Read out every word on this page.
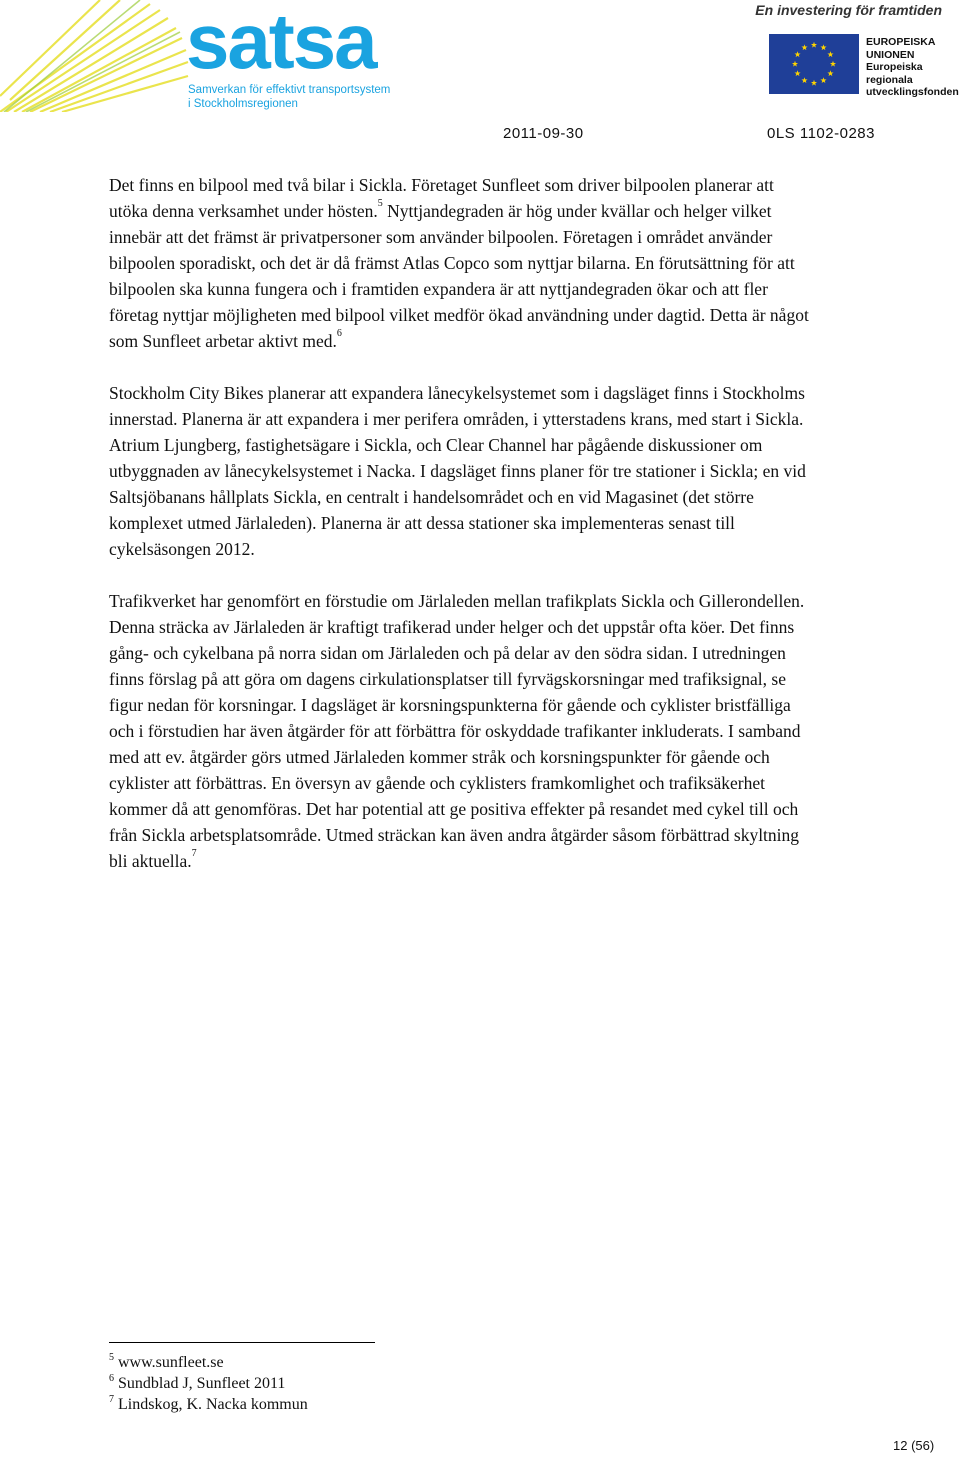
satsa
Samverkan för effektivt transportsystem
i Stockholmsregionen
En investering för framtiden
EUROPEISKA
UNIONEN
Europeiska
regionala
utvecklingsfonden
2011-09-30	0LS 1102-0283

Det finns en bilpool med två bilar i Sickla. Företaget Sunfleet som driver bilpoolen planerar att utöka denna verksamhet under hösten.$^5$ Nyttjandegraden är hög under kvällar och helger vilket innebär att det främst är privatpersoner som använder bilpoolen. Företagen i området använder bilpoolen sporadiskt, och det är då främst Atlas Copco som nyttjar bilarna. En förutsättning för att bilpoolen ska kunna fungera och i framtiden expandera är att nyttjandegraden ökar och att fler företag nyttjar möjligheten med bilpool vilket medför ökad användning under dagtid. Detta är något som Sunfleet arbetar aktivt med.$^6$

Stockholm City Bikes planerar att expandera lånecykelsystemet som i dagsläget finns i Stockholms innerstad. Planerna är att expandera i mer perifera områden, i ytterstadens krans, med start i Sickla. Atrium Ljungberg, fastighetsägare i Sickla, och Clear Channel har pågående diskussioner om utbyggnaden av lånecykelsystemet i Nacka. I dagsläget finns planer för tre stationer i Sickla; en vid Saltsjöbanans hållplats Sickla, en centralt i handelsområdet och en vid Magasinet (det större komplexet utmed Järlaleden). Planerna är att dessa stationer ska implementeras senast till cykelsäsongen 2012.

Trafikverket har genomfört en förstudie om Järlaleden mellan trafikplats Sickla och Gillerondellen. Denna sträcka av Järlaleden är kraftigt trafikerad under helger och det uppstår ofta köer. Det finns gång- och cykelbana på norra sidan om Järlaleden och på delar av den södra sidan. I utredningen finns förslag på att göra om dagens cirkulationsplatser till fyrvägskorsningar med trafiksignal, se figur nedan för korsningar. I dagsläget är korsningspunkterna för gående och cyklister bristfälliga och i förstudien har även åtgärder för att förbättra för oskyddade trafikanter inkluderats. I samband med att ev. åtgärder görs utmed Järlaleden kommer stråk och korsningspunkter för gående och cyklister att förbättras. En översyn av gående och cyklisters framkomlighet och trafiksäkerhet kommer då att genomföras. Det har potential att ge positiva effekter på resandet med cykel till och från Sickla arbetsplatsområde. Utmed sträckan kan även andra åtgärder såsom förbättrad skyltning bli aktuella.$^7$

$^5$ www.sunfleet.se
$^6$ Sundblad J, Sunfleet 2011
$^7$ Lindskog, K. Nacka kommun
12 (56)
